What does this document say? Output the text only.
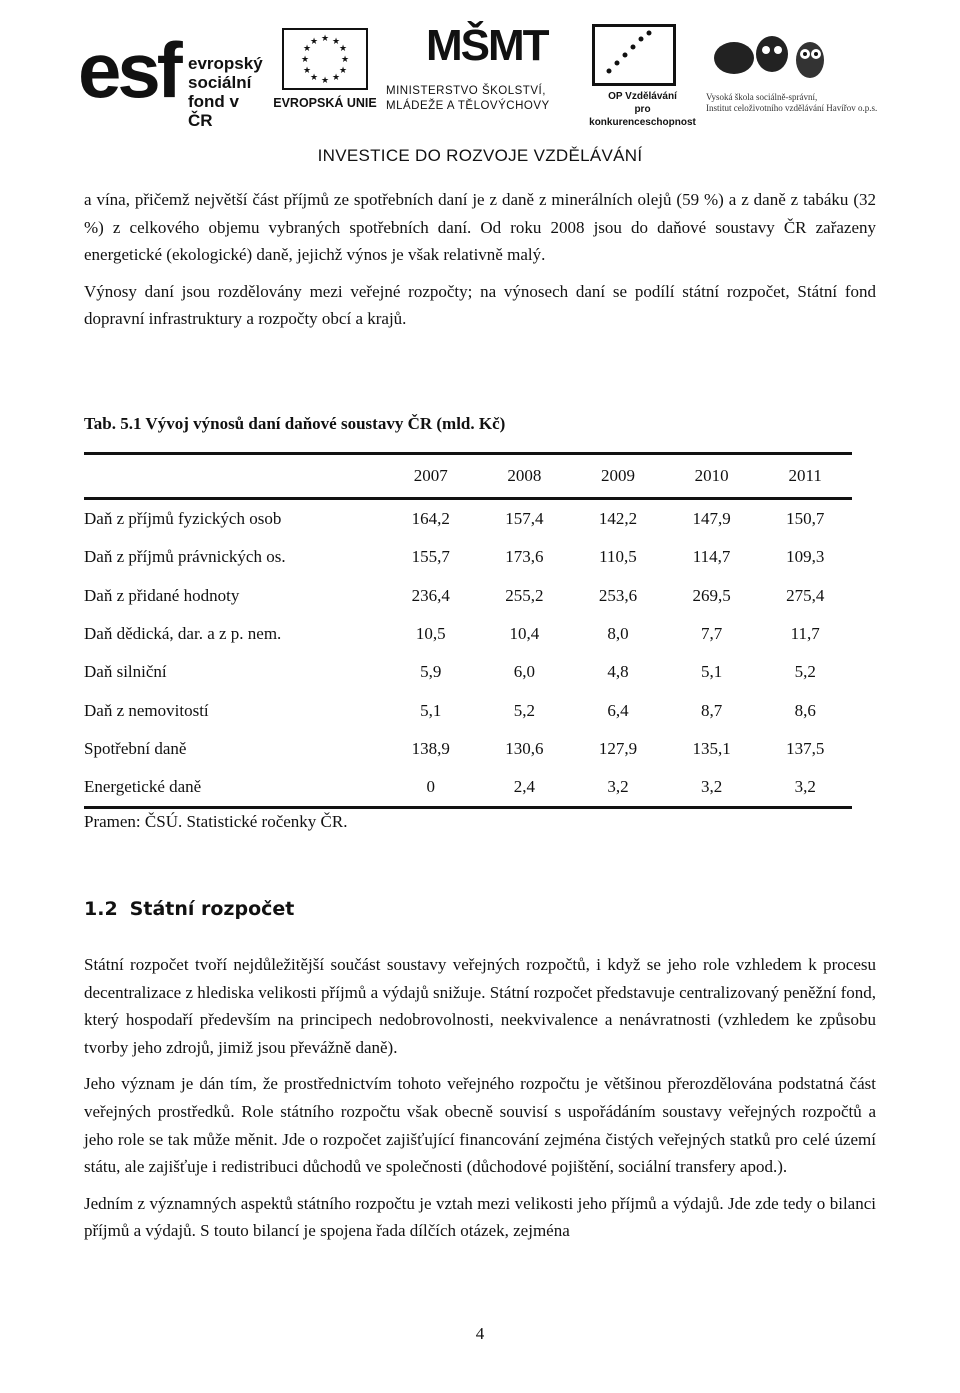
esf evropský
sociální
fond v ČR
★ ★
★
★
★
★
★
★
★
★
★
★
EVROPSKÁ UNIE
MŠMT
MINISTERSTVO ŠKOLSTVÍ,
MLÁDEŽE A TĚLOVÝCHOVY
OP Vzdělávání
pro konkurenceschopnost
Vysoká škola sociálně-správní,
Institut celoživotního vzdělávání Havířov o.p.s.
INVESTICE DO ROZVOJE VZDĚLÁVÁNÍ

a vína, přičemž největší část příjmů ze spotřebních daní je z daně z minerálních olejů (59 %) a z daně z tabáku (32 %) z celkového objemu vybraných spotřebních daní. Od roku 2008 jsou do daňové soustavy ČR zařazeny energetické (ekologické) daně, jejichž výnos je však relativně malý.

Výnosy daní jsou rozdělovány mezi veřejné rozpočty; na výnosech daní se podílí státní rozpočet, Státní fond dopravní infrastruktury a rozpočty obcí a krajů.

Tab. 5.1 Vývoj výnosů daní daňové soustavy ČR (mld. Kč)
	2007	2008	2009	2010	2011
Daň z příjmů fyzických osob	164,2	157,4	142,2	147,9	150,7
Daň z příjmů právnických os.	155,7	173,6	110,5	114,7	109,3
Daň z přidané hodnoty	236,4	255,2	253,6	269,5	275,4
Daň dědická, dar. a z p. nem.	10,5	10,4	8,0	7,7	11,7
Daň silniční	5,9	6,0	4,8	5,1	5,2
Daň z nemovitostí	5,1	5,2	6,4	8,7	8,6
Spotřební daně	138,9	130,6	127,9	135,1	137,5
Energetické daně	0	2,4	3,2	3,2	3,2
Pramen: ČSÚ. Statistické ročenky ČR.
1.2 Státní rozpočet

Státní rozpočet tvoří nejdůležitější součást soustavy veřejných rozpočtů, i když se jeho role vzhledem k procesu decentralizace z hlediska velikosti příjmů a výdajů snižuje. Státní rozpočet představuje centralizovaný peněžní fond, který hospodaří především na principech nedobrovolnosti, neekvivalence a nenávratnosti (vzhledem ke způsobu tvorby jeho zdrojů, jimiž jsou převážně daně).

Jeho význam je dán tím, že prostřednictvím tohoto veřejného rozpočtu je většinou přerozdělována podstatná část veřejných prostředků. Role státního rozpočtu však obecně souvisí s uspořádáním soustavy veřejných rozpočtů a jeho role se tak může měnit. Jde o rozpočet zajišťující financování zejména čistých veřejných statků pro celé území státu, ale zajišťuje i redistribuci důchodů ve společnosti (důchodové pojištění, sociální transfery apod.).

Jedním z významných aspektů státního rozpočtu je vztah mezi velikosti jeho příjmů a výdajů. Jde zde tedy o bilanci příjmů a výdajů. S touto bilancí je spojena řada dílčích otázek, zejména

4
